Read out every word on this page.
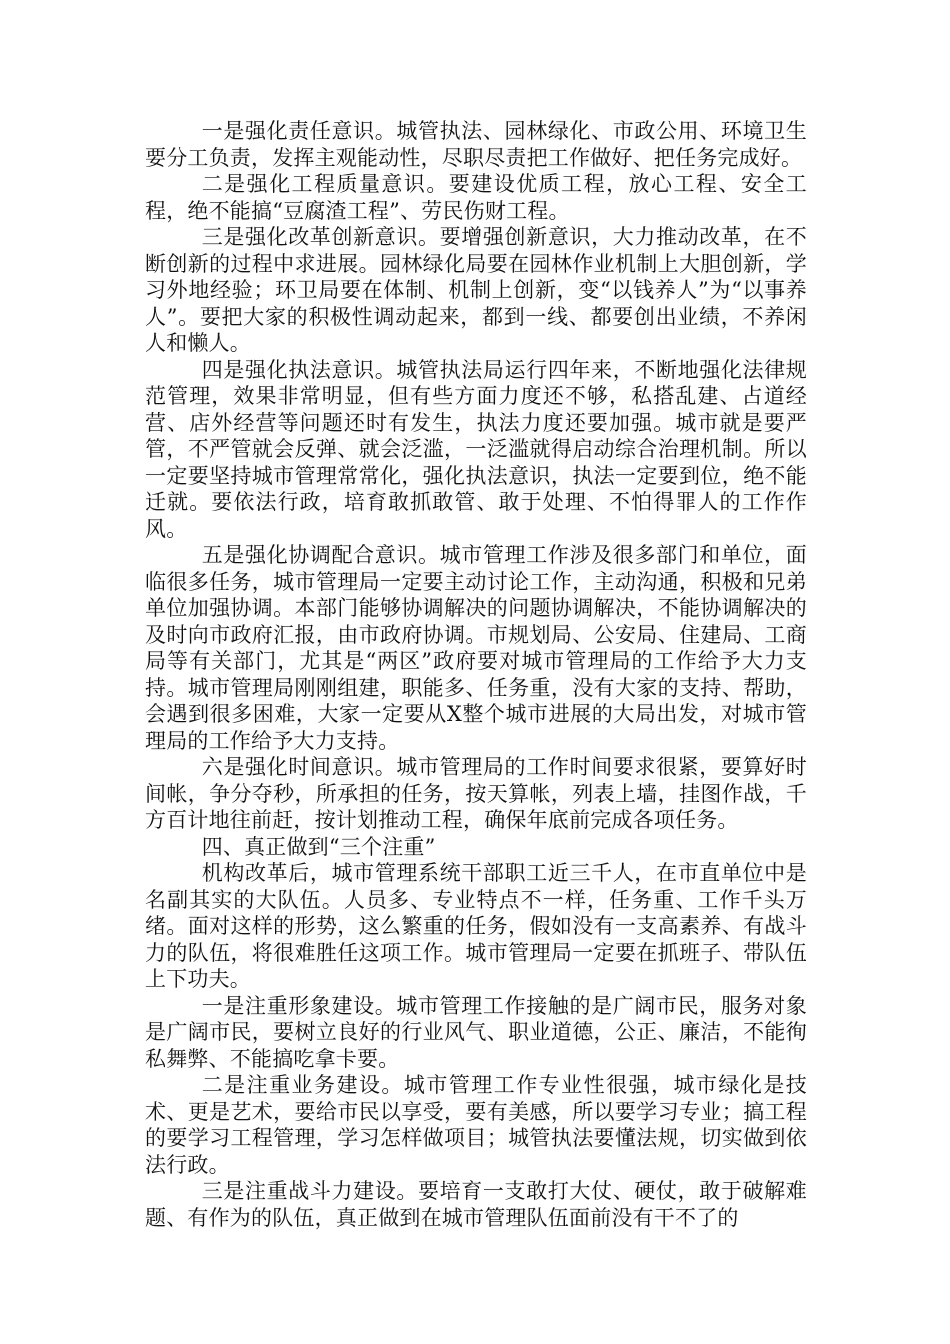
一是强化责任意识。城管执法、园林绿化、市政公用、环境卫生要分工负责，发挥主观能动性，尽职尽责把工作做好、把任务完成好。

二是强化工程质量意识。要建设优质工程，放心工程、安全工程，绝不能搞“豆腐渣工程”、劳民伤财工程。

三是强化改革创新意识。要增强创新意识，大力推动改革，在不断创新的过程中求进展。园林绿化局要在园林作业机制上大胆创新，学习外地经验；环卫局要在体制、机制上创新，变“以钱养人”为“以事养人”。要把大家的积极性调动起来，都到一线、都要创出业绩，不养闲人和懒人。

四是强化执法意识。城管执法局运行四年来，不断地强化法律规范管理，效果非常明显，但有些方面力度还不够，私搭乱建、占道经营、店外经营等问题还时有发生，执法力度还要加强。城市就是要严管，不严管就会反弹、就会泛滥，一泛滥就得启动综合治理机制。所以一定要坚持城市管理常常化，强化执法意识，执法一定要到位，绝不能迁就。要依法行政，培育敢抓敢管、敢于处理、不怕得罪人的工作作风。

五是强化协调配合意识。城市管理工作涉及很多部门和单位，面临很多任务，城市管理局一定要主动讨论工作，主动沟通，积极和兄弟单位加强协调。本部门能够协调解决的问题协调解决，不能协调解决的及时向市政府汇报，由市政府协调。市规划局、公安局、住建局、工商局等有关部门，尤其是“两区”政府要对城市管理局的工作给予大力支持。城市管理局刚刚组建，职能多、任务重，没有大家的支持、帮助，会遇到很多困难，大家一定要从X整个城市进展的大局出发，对城市管理局的工作给予大力支持。

六是强化时间意识。城市管理局的工作时间要求很紧，要算好时间帐，争分夺秒，所承担的任务，按天算帐，列表上墙，挂图作战，千方百计地往前赶，按计划推动工程，确保年底前完成各项任务。

四、真正做到“三个注重”

机构改革后，城市管理系统干部职工近三千人，在市直单位中是名副其实的大队伍。人员多、专业特点不一样，任务重、工作千头万绪。面对这样的形势，这么繁重的任务，假如没有一支高素养、有战斗力的队伍，将很难胜任这项工作。城市管理局一定要在抓班子、带队伍上下功夫。

一是注重形象建设。城市管理工作接触的是广阔市民，服务对象是广阔市民，要树立良好的行业风气、职业道德，公正、廉洁，不能徇私舞弊、不能搞吃拿卡要。

二是注重业务建设。城市管理工作专业性很强，城市绿化是技术、更是艺术，要给市民以享受，要有美感，所以要学习专业；搞工程的要学习工程管理，学习怎样做项目；城管执法要懂法规，切实做到依法行政。

三是注重战斗力建设。要培育一支敢打大仗、硬仗，敢于破解难题、有作为的队伍，真正做到在城市管理队伍面前没有干不了的
